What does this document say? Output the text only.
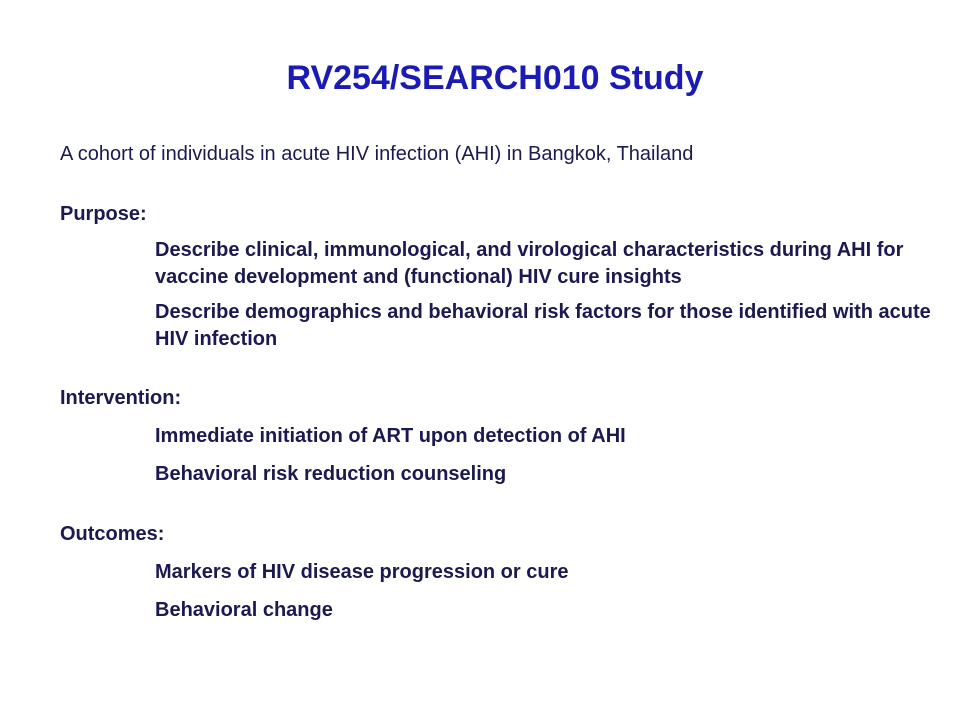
RV254/SEARCH010 Study

A cohort of individuals in acute HIV infection (AHI) in Bangkok, Thailand

Purpose:

Describe clinical, immunological, and virological characteristics during AHI for vaccine development and (functional) HIV cure insights

Describe demographics and behavioral risk factors for those identified with acute HIV infection

Intervention:

Immediate initiation of ART upon detection of AHI

Behavioral risk reduction counseling

Outcomes:

Markers of HIV disease progression or cure

Behavioral change
